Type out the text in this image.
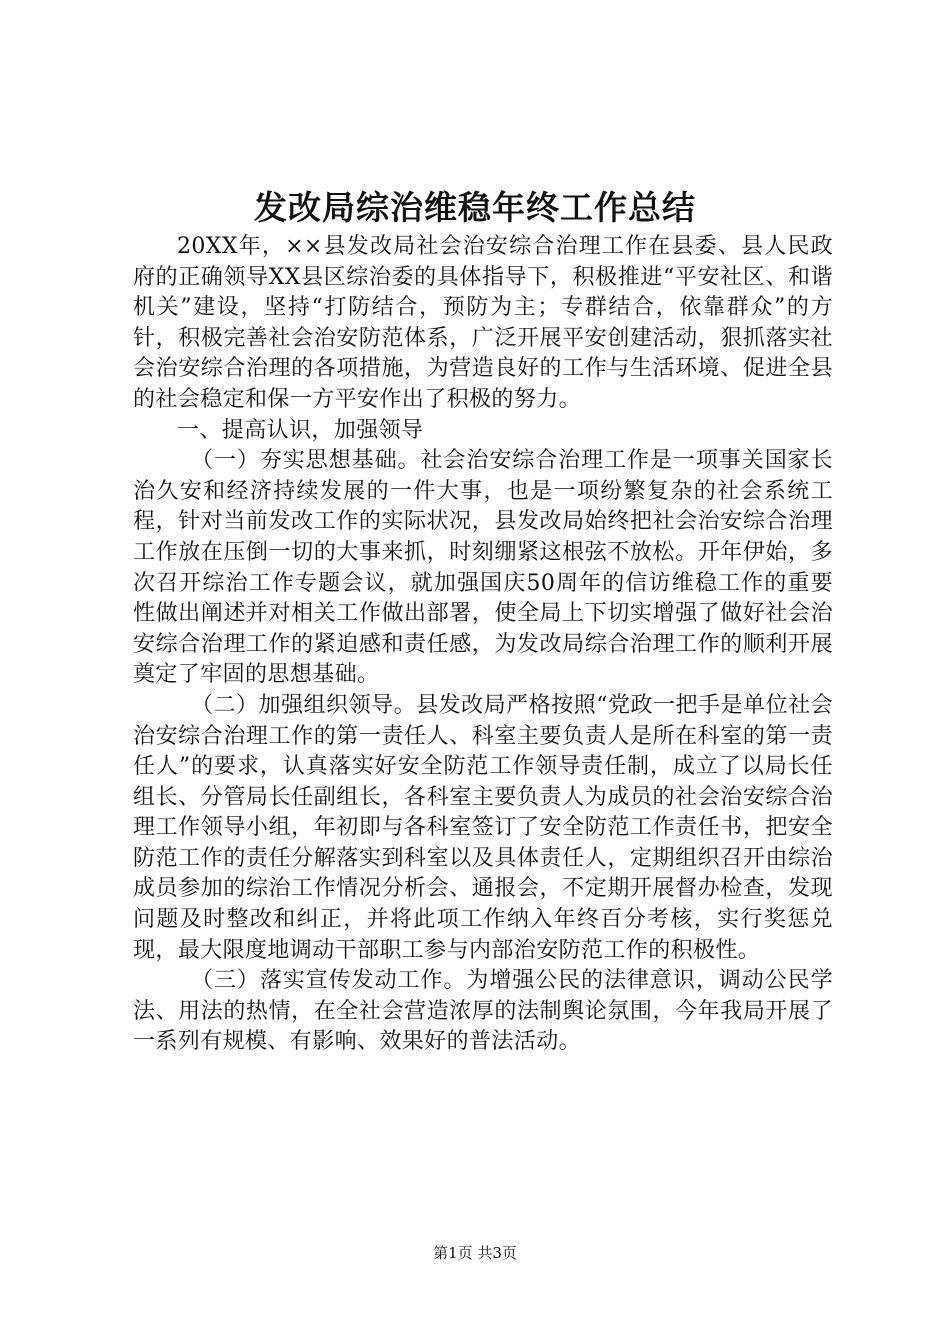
发改局综治维稳年终工作总结

20XX年，××县发改局社会治安综合治理工作在县委、县人民政府的正确领导XX县区综治委的具体指导下，积极推进“平安社区、和谐机关”建设，坚持“打防结合，预防为主；专群结合，依靠群众”的方针，积极完善社会治安防范体系，广泛开展平安创建活动，狠抓落实社会治安综合治理的各项措施，为营造良好的工作与生活环境、促进全县的社会稳定和保一方平安作出了积极的努力。

一、提高认识，加强领导

（一）夯实思想基础。社会治安综合治理工作是一项事关国家长治久安和经济持续发展的一件大事，也是一项纷繁复杂的社会系统工程，针对当前发改工作的实际状况，县发改局始终把社会治安综合治理工作放在压倒一切的大事来抓，时刻绷紧这根弦不放松。开年伊始，多次召开综治工作专题会议，就加强国庆50周年的信访维稳工作的重要性做出阐述并对相关工作做出部署，使全局上下切实增强了做好社会治安综合治理工作的紧迫感和责任感，为发改局综合治理工作的顺利开展奠定了牢固的思想基础。

（二）加强组织领导。县发改局严格按照“党政一把手是单位社会治安综合治理工作的第一责任人、科室主要负责人是所在科室的第一责任人”的要求，认真落实好安全防范工作领导责任制，成立了以局长任组长、分管局长任副组长，各科室主要负责人为成员的社会治安综合治理工作领导小组，年初即与各科室签订了安全防范工作责任书，把安全防范工作的责任分解落实到科室以及具体责任人，定期组织召开由综治成员参加的综治工作情况分析会、通报会，不定期开展督办检查，发现问题及时整改和纠正，并将此项工作纳入年终百分考核，实行奖惩兑现，最大限度地调动干部职工参与内部治安防范工作的积极性。

（三）落实宣传发动工作。为增强公民的法律意识，调动公民学法、用法的热情，在全社会营造浓厚的法制舆论氛围，今年我局开展了一系列有规模、有影响、效果好的普法活动。

第1页 共3页
